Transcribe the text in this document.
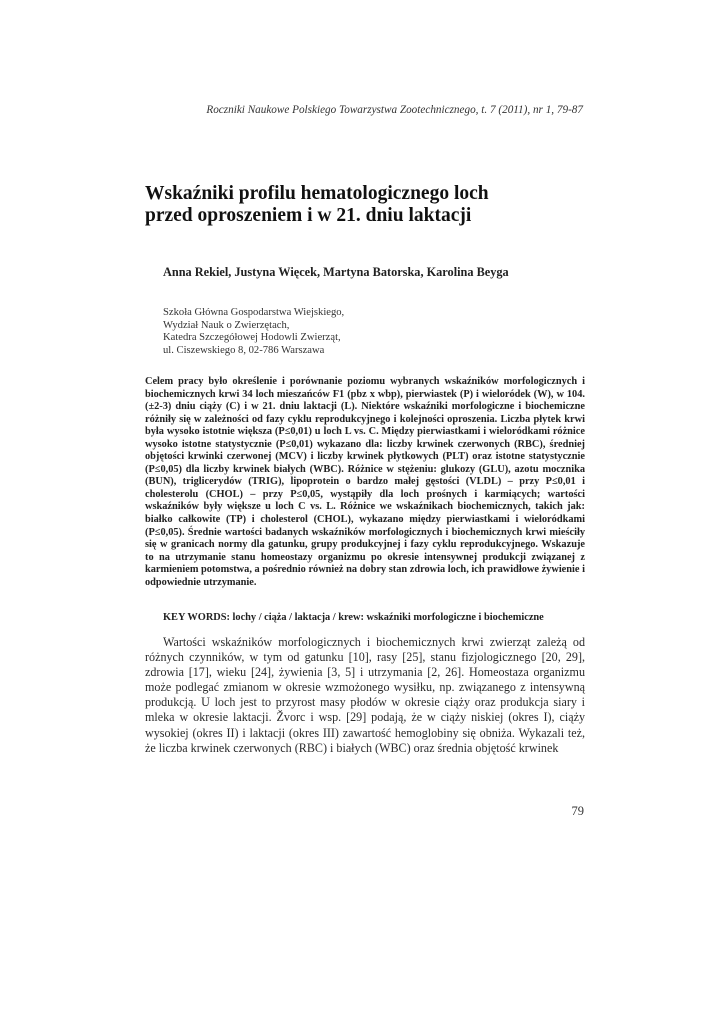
Roczniki Naukowe Polskiego Towarzystwa Zootechnicznego, t. 7 (2011), nr 1, 79-87
Wskaźniki profilu hematologicznego loch
przed oproszeniem i w 21. dniu laktacji
Anna Rekiel, Justyna Więcek, Martyna Batorska, Karolina Beyga
Szkoła Główna Gospodarstwa Wiejskiego,
Wydział Nauk o Zwierzętach,
Katedra Szczegółowej Hodowli Zwierząt,
ul. Ciszewskiego 8, 02-786 Warszawa
Celem pracy było określenie i porównanie poziomu wybranych wskaźników morfologicznych i biochemicznych krwi 34 loch mieszańców F1 (pbz x wbp), pierwiastek (P) i wieloródek (W), w 104. (±2-3) dniu ciąży (C) i w 21. dniu laktacji (L). Niektóre wskaźniki morfologiczne i biochemiczne różniły się w zależności od fazy cyklu reprodukcyjnego i kolejności oproszenia. Liczba płytek krwi była wysoko istotnie większa (P≤0,01) u loch L vs. C. Między pierwiastkami i wieloródkami różnice wysoko istotne statystycznie (P≤0,01) wykazano dla: liczby krwinek czerwonych (RBC), średniej objętości krwinki czerwonej (MCV) i liczby krwinek płytkowych (PLT) oraz istotne statystycznie (P≤0,05) dla liczby krwinek białych (WBC). Różnice w stężeniu: glukozy (GLU), azotu mocznika (BUN), triglicerydów (TRIG), lipoprotein o bardzo małej gęstości (VLDL) – przy P≤0,01 i cholesterolu (CHOL) – przy P≤0,05, wystąpiły dla loch prośnych i karmiących; wartości wskaźników były większe u loch C vs. L. Różnice we wskaźnikach biochemicznych, takich jak: białko całkowite (TP) i cholesterol (CHOL), wykazano między pierwiastkami i wieloródkami (P≤0,05). Średnie wartości badanych wskaźników morfologicznych i biochemicznych krwi mieściły się w granicach normy dla gatunku, grupy produkcyjnej i fazy cyklu reprodukcyjnego. Wskazuje to na utrzymanie stanu homeostazy organizmu po okresie intensywnej produkcji związanej z karmieniem potomstwa, a pośrednio również na dobry stan zdrowia loch, ich prawidłowe żywienie i odpowiednie utrzymanie.
KEY WORDS: lochy / ciąża / laktacja / krew: wskaźniki morfologiczne i biochemiczne

Wartości wskaźników morfologicznych i biochemicznych krwi zwierząt zależą od różnych czynników, w tym od gatunku [10], rasy [25], stanu fizjologicznego [20, 29], zdrowia [17], wieku [24], żywienia [3, 5] i utrzymania [2, 26]. Homeostaza organizmu może podlegać zmianom w okresie wzmożonego wysiłku, np. związanego z intensywną produkcją. U loch jest to przyrost masy płodów w okresie ciąży oraz produkcja siary i mleka w okresie laktacji. Žvorc i wsp. [29] podają, że w ciąży niskiej (okres I), ciąży wysokiej (okres II) i laktacji (okres III) zawartość hemoglobiny się obniża. Wykazali też, że liczba krwinek czerwonych (RBC) i białych (WBC) oraz średnia objętość krwinek

79
